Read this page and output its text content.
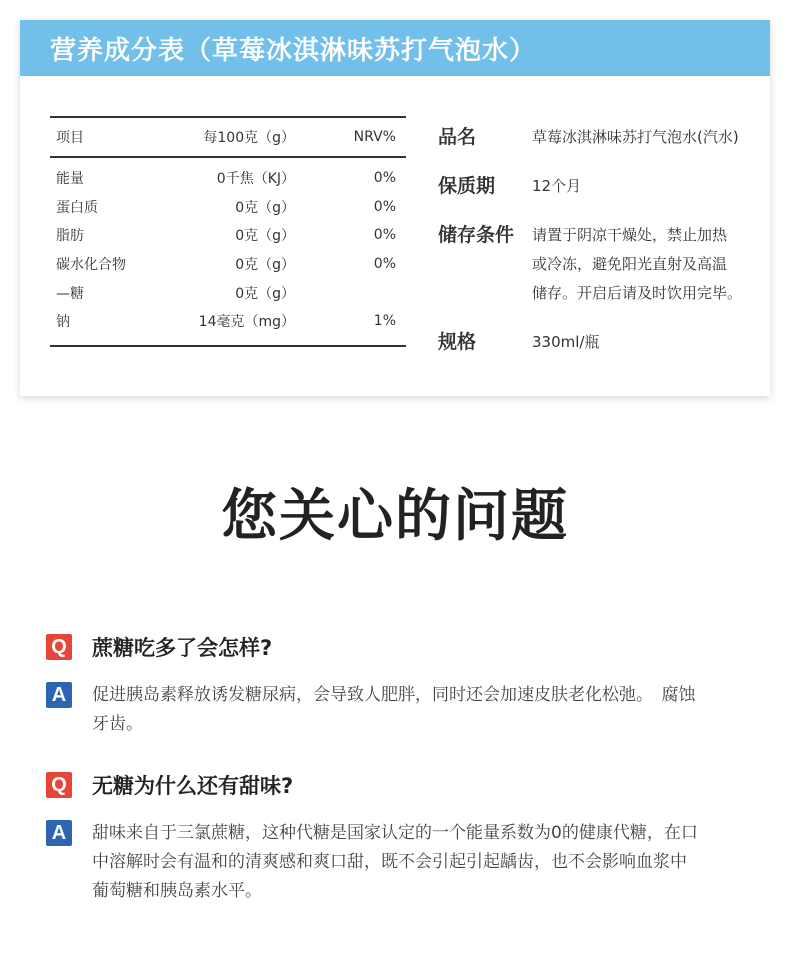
营养成分表（草莓冰淇淋味苏打气泡水）
项目	每100克（g）	NRV%
能量	0千焦（KJ）	0%
蛋白质	0克（g）	0%
脂肪	0克（g）	0%
碳水化合物	0克（g）	0%
—糖	0克（g）
钠	14毫克（mg）	1%
品名	草莓冰淇淋味苏打气泡水(汽水)
保质期	12个月
储存条件	请置于阴凉干燥处，禁止加热
或冷冻，避免阳光直射及高温
储存。开启后请及时饮用完毕。
规格	330ml/瓶
您关心的问题
Q 蔗糖吃多了会怎样?
A	促进胰岛素释放诱发糖尿病，会导致人肥胖，同时还会加速皮肤老化松弛。　腐蚀
牙齿。
Q 无糖为什么还有甜味?
A	甜味来自于三氯蔗糖，这种代糖是国家认定的一个能量系数为0的健康代糖，在口
中溶解时会有温和的清爽感和爽口甜，既不会引起引起龋齿，也不会影响血浆中
葡萄糖和胰岛素水平。
